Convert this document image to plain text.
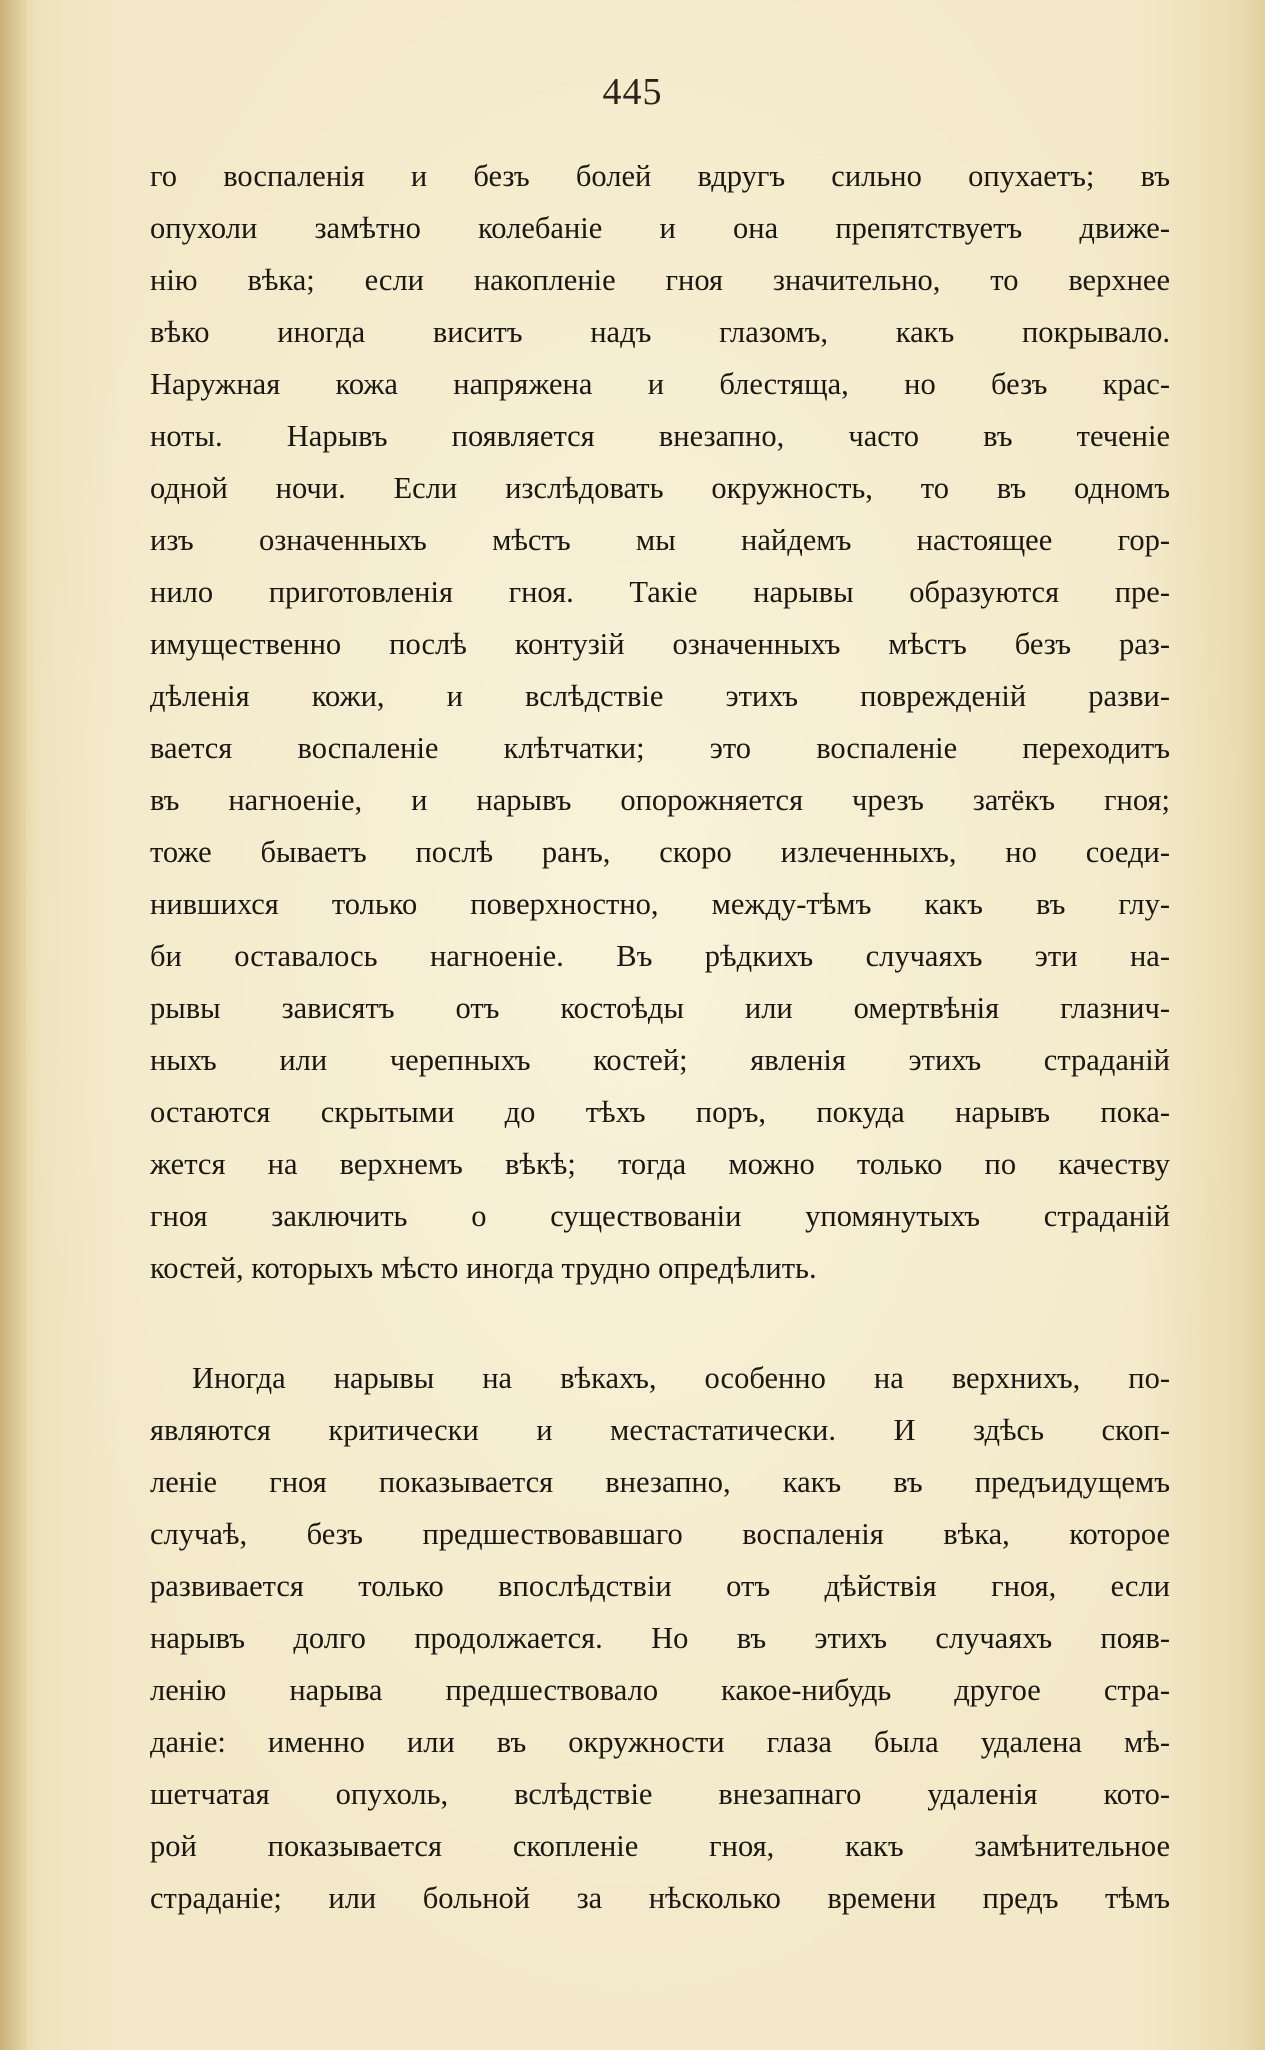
445
го воспаленія и безъ болей вдругъ сильно опухаетъ; въ
опухоли замѣтно колебаніе и она препятствуетъ движе-
нію вѣка; если накопленіе гноя значительно, то верхнее
вѣко иногда виситъ надъ глазомъ, какъ покрывало.
Наружная кожа напряжена и блестяща, но безъ крас-
ноты. Нарывъ появляется внезапно, часто въ теченіе
одной ночи. Если изслѣдовать окружность, то въ одномъ
изъ означенныхъ мѣстъ мы найдемъ настоящее гор-
нило приготовленія гноя. Такіе нарывы образуются пре-
имущественно послѣ контузій означенныхъ мѣстъ безъ раз-
дѣленія кожи, и вслѣдствіе этихъ поврежденій разви-
вается воспаленіе клѣтчатки; это воспаленіе переходитъ
въ нагноеніе, и нарывъ опорожняется чрезъ затёкъ гноя;
тоже бываетъ послѣ ранъ, скоро излеченныхъ, но соеди-
нившихся только поверхностно, между-тѣмъ какъ въ глу-
би оставалось нагноеніе. Въ рѣдкихъ случаяхъ эти на-
рывы зависятъ отъ костоѣды или омертвѣнія глазнич-
ныхъ или черепныхъ костей; явленія этихъ страданій
остаются скрытыми до тѣхъ поръ, покуда нарывъ пока-
жется на верхнемъ вѣкѣ; тогда можно только по качеству
гноя заключить о существованіи упомянутыхъ страданій
костей, которыхъ мѣсто иногда трудно опредѣлить.
Иногда нарывы на вѣкахъ, особенно на верхнихъ, по-
являются критически и местастатически. И здѣсь скоп-
леніе гноя показывается внезапно, какъ въ предъидущемъ
случаѣ, безъ предшествовавшаго воспаленія вѣка, которое
развивается только впослѣдствіи отъ дѣйствія гноя, если
нарывъ долго продолжается. Но въ этихъ случаяхъ появ-
ленію нарыва предшествовало какое-нибудь другое стра-
даніе: именно или въ окружности глаза была удалена мѣ-
шетчатая опухоль, вслѣдствіе внезапнаго удаленія кото-
рой показывается скопленіе гноя, какъ замѣнительное
страданіе; или больной за нѣсколько времени предъ тѣмъ
